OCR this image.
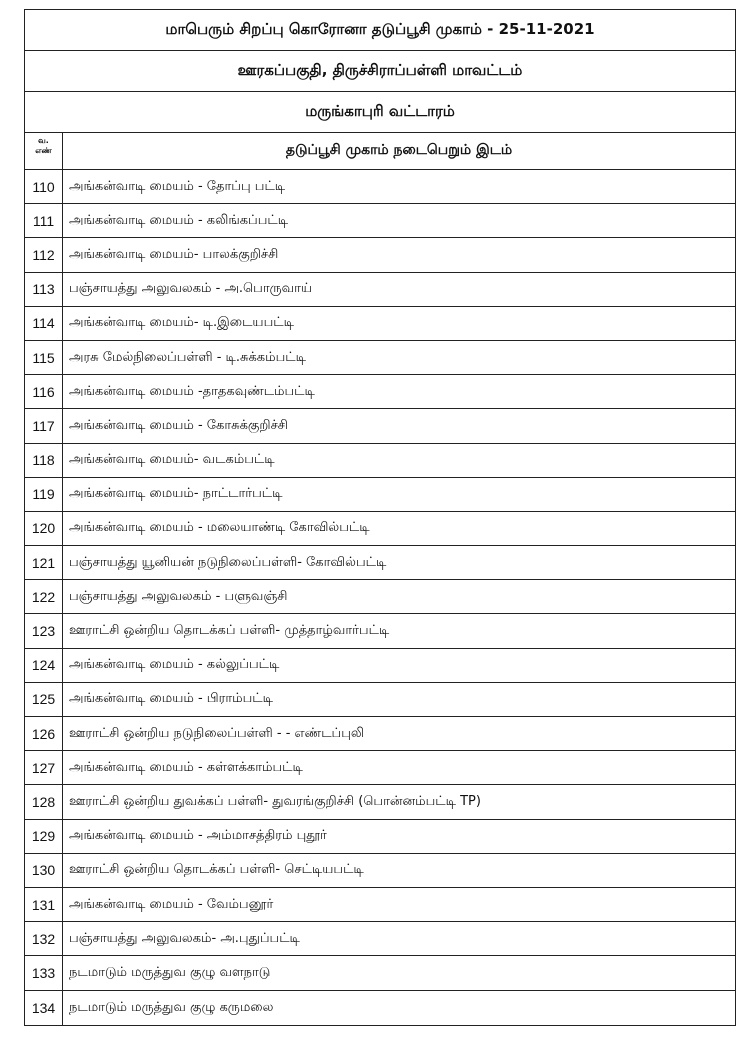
மாபெரும் சிறப்பு கொரோனா தடுப்பூசி முகாம் - 25-11-2021
ஊரகப்பகுதி, திருச்சிராப்பள்ளி மாவட்டம்
மருங்காபுரி வட்டாரம்
வ.
எண்	தடுப்பூசி முகாம் நடைபெறும் இடம்
110	அங்கன்வாடி மையம் - தோப்பு பட்டி
111	அங்கன்வாடி மையம் - கலிங்கப்பட்டி
112	அங்கன்வாடி மையம்- பாலக்குறிச்சி
113	பஞ்சாயத்து அலுவலகம் - அ.பொருவாய்
114	அங்கன்வாடி மையம்- டி.இடையபட்டி
115	அரசு மேல்நிலைப்பள்ளி - டி.சுக்கம்பட்டி
116	அங்கன்வாடி மையம் -தாதகவுண்டம்பட்டி
117	அங்கன்வாடி மையம் - கோசுக்குறிச்சி
118	அங்கன்வாடி மையம்- வடகம்பட்டி
119	அங்கன்வாடி மையம்- நாட்டார்பட்டி
120	அங்கன்வாடி மையம் - மலையாண்டி கோவில்பட்டி
121	பஞ்சாயத்து யூனியன் நடுநிலைப்பள்ளி- கோவில்பட்டி
122	பஞ்சாயத்து அலுவலகம் - பளுவஞ்சி
123	ஊராட்சி ஒன்றிய தொடக்கப் பள்ளி- முத்தாழ்வார்பட்டி
124	அங்கன்வாடி மையம் - கல்லுப்பட்டி
125	அங்கன்வாடி மையம் - பிராம்பட்டி
126	ஊராட்சி ஒன்றிய நடுநிலைப்பள்ளி - - எண்டப்புலி
127	அங்கன்வாடி மையம் - கள்ளக்காம்பட்டி
128	ஊராட்சி ஒன்றிய துவக்கப் பள்ளி- துவரங்குறிச்சி (பொன்னம்பட்டி TP)
129	அங்கன்வாடி மையம் - அம்மாசத்திரம் புதூர்
130	ஊராட்சி ஒன்றிய தொடக்கப் பள்ளி- செட்டியபட்டி
131	அங்கன்வாடி மையம் - வேம்பனூர்
132	பஞ்சாயத்து அலுவலகம்- அ.புதுப்பட்டி
133	நடமாடும் மருத்துவ குழு வளநாடு
134	நடமாடும் மருத்துவ குழு கருமலை
